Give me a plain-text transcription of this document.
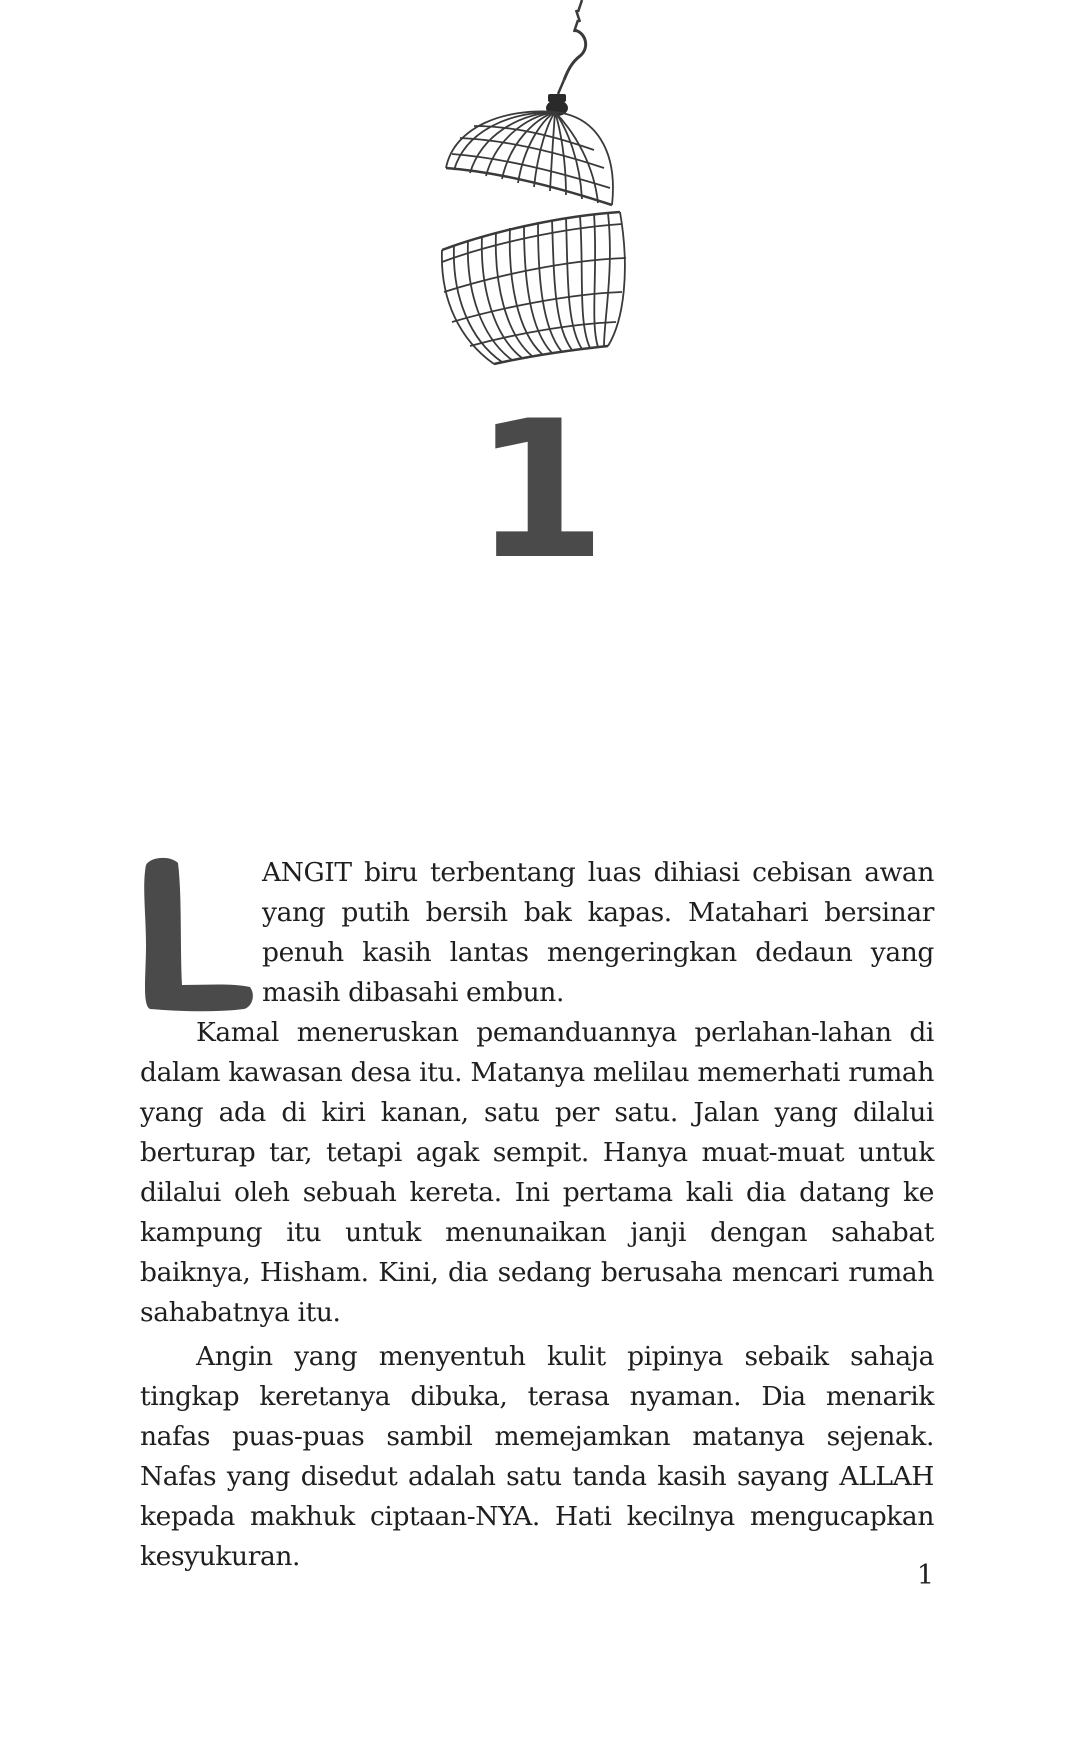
1

ANGIT biru terbentang luas dihiasi cebisan awan yang putih bersih bak kapas. Matahari bersinar penuh kasih lantas mengeringkan dedaun yang masih dibasahi embun.

Kamal meneruskan pemanduannya perlahan-lahan di dalam kawasan desa itu. Matanya melilau memerhati rumah yang ada di kiri kanan, satu per satu. Jalan yang dilalui berturap tar, tetapi agak sempit. Hanya muat-muat untuk dilalui oleh sebuah kereta. Ini pertama kali dia datang ke kampung itu untuk menunaikan janji dengan sahabat baiknya, Hisham. Kini, dia sedang berusaha mencari rumah sahabatnya itu.

Angin yang menyentuh kulit pipinya sebaik sahaja tingkap keretanya dibuka, terasa nyaman. Dia menarik nafas puas-puas sambil memejamkan matanya sejenak. Nafas yang disedut adalah satu tanda kasih sayang ALLAH kepada makhuk ciptaan-NYA. Hati kecilnya mengucapkan kesyukuran.

1
